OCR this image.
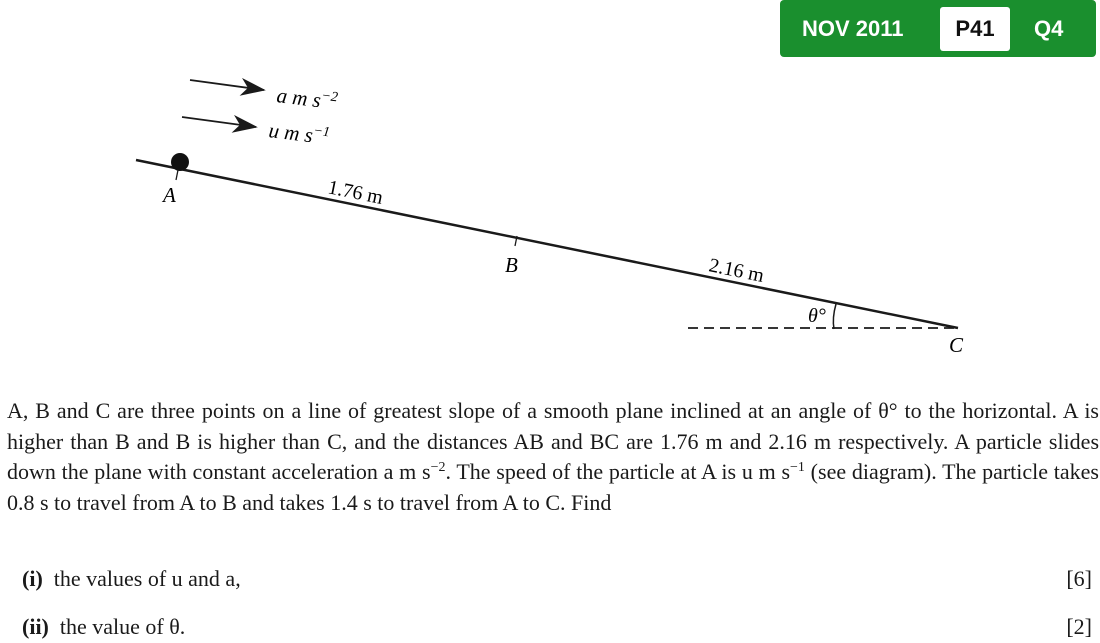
NOV 2011	P41	Q4
a m $s^{-2}$
u m $s^{-1}$
θ°
A
B
C
1.76 m
2.16 m
A, B and C are three points on a line of greatest slope of a smooth plane inclined at an angle of θ° to the horizontal. A is higher than B and B is higher than C, and the distances AB and BC are 1.76 m and 2.16 m respectively. A particle slides down the plane with constant acceleration a m $s^{-2}$. The speed of the particle at A is u m $s^{-1}$ (see diagram). The particle takes 0.8 s to travel from A to B and takes 1.4 s to travel from A to C. Find
(i) the values of u and a,	[6]
(ii) the value of θ.	[2]
